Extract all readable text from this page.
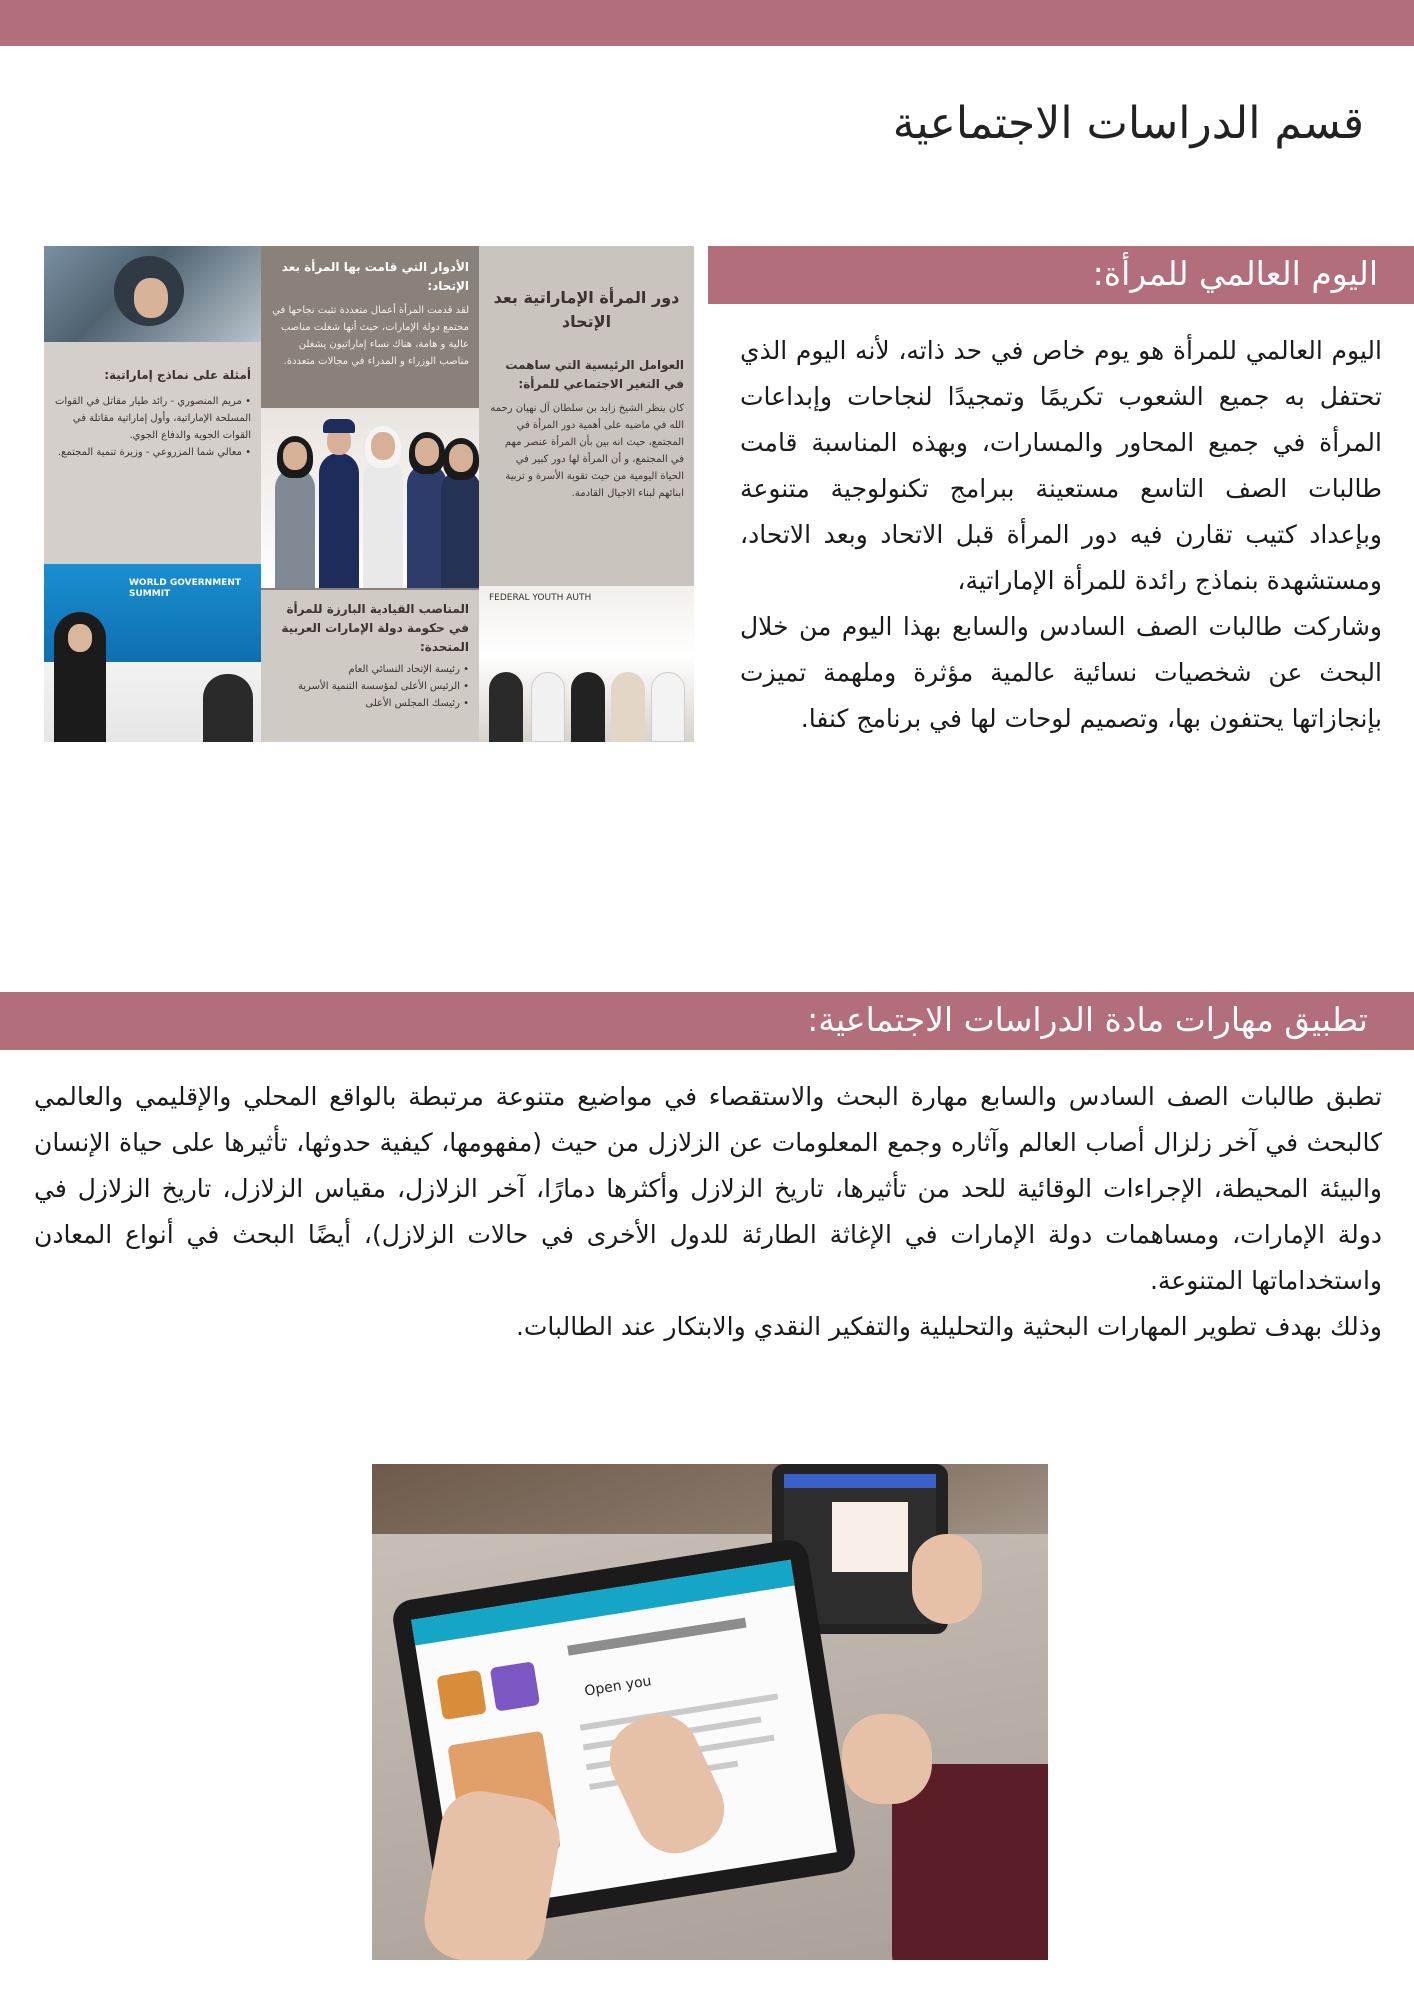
قسم الدراسات الاجتماعية
أمثلة على نماذج إماراتية:
• مريم المنصوري - رائد طيار مقاتل في القوات المسلحة الإماراتية، وأول إماراتية مقاتلة في القوات الجوية والدفاع الجوي.
• معالي شما المزروعي - وزيرة تنمية المجتمع.
WORLD GOVERNMENT SUMMIT
الأدوار التي قامت بها المرأة بعد الإتحاد:
لقد قدمت المرأة أعمال متعددة تثبت نجاحها في مجتمع دولة الإمارات، حيث أنها شغلت مناصب عالية و هامة، هناك نساء إماراتيون يشغلن مناصب الوزراء و المدراء في مجالات متعددة.
المناصب القيادية البارزة للمرأة في حكومة دولة الإمارات العربية المتحدة:
• رئيسة الإتحاد النسائي العام
• الرئيس الأعلى لمؤسسة التنمية الأسرية
• رئيسك المجلس الأعلى
دور المرأة الإماراتية بعد الإتحاد
العوامل الرئيسية التي ساهمت في التغير الاجتماعي للمرأة:
كان ينظر الشيخ زايد بن سلطان آل نهيان رحمه الله في ماضيه على أهمية دور المرأة في المجتمع، حيث انه بين بأن المرأة عنصر مهم في المجتمع، و أن المرأة لها دور كبير في الحياة اليومية من حيث تقوية الأسرة و تربية ابنائهم لبناء الاجيال القادمة.
FEDERAL YOUTH AUTH
اليوم العالمي للمرأة:

اليوم العالمي للمرأة هو يوم خاص في حد ذاته، لأنه اليوم الذي تحتفل به جميع الشعوب تكريمًا وتمجيدًا لنجاحات وإبداعات المرأة في جميع المحاور والمسارات، وبهذه المناسبة قامت طالبات الصف التاسع مستعينة ببرامج تكنولوجية متنوعة وبإعداد كتيب تقارن فيه دور المرأة قبل الاتحاد وبعد الاتحاد، ومستشهدة بنماذج رائدة للمرأة الإماراتية،

وشاركت طالبات الصف السادس والسابع بهذا اليوم من خلال البحث عن شخصيات نسائية عالمية مؤثرة وملهمة تميزت بإنجازاتها يحتفون بها، وتصميم لوحات لها في برنامج كنفا.

تطبيق مهارات مادة الدراسات الاجتماعية:

تطبق طالبات الصف السادس والسابع مهارة البحث والاستقصاء في مواضيع متنوعة مرتبطة بالواقع المحلي والإقليمي والعالمي كالبحث في آخر زلزال أصاب العالم وآثاره وجمع المعلومات عن الزلازل من حيث (مفهومها، كيفية حدوثها، تأثيرها على حياة الإنسان والبيئة المحيطة، الإجراءات الوقائية للحد من تأثيرها، تاريخ الزلازل وأكثرها دمارًا، آخر الزلازل، مقياس الزلازل، تاريخ الزلازل في دولة الإمارات، ومساهمات دولة الإمارات في الإغاثة الطارئة للدول الأخرى في حالات الزلازل)، أيضًا البحث في أنواع المعادن واستخداماتها المتنوعة.

وذلك بهدف تطوير المهارات البحثية والتحليلية والتفكير النقدي والابتكار عند الطالبات.

Open you
